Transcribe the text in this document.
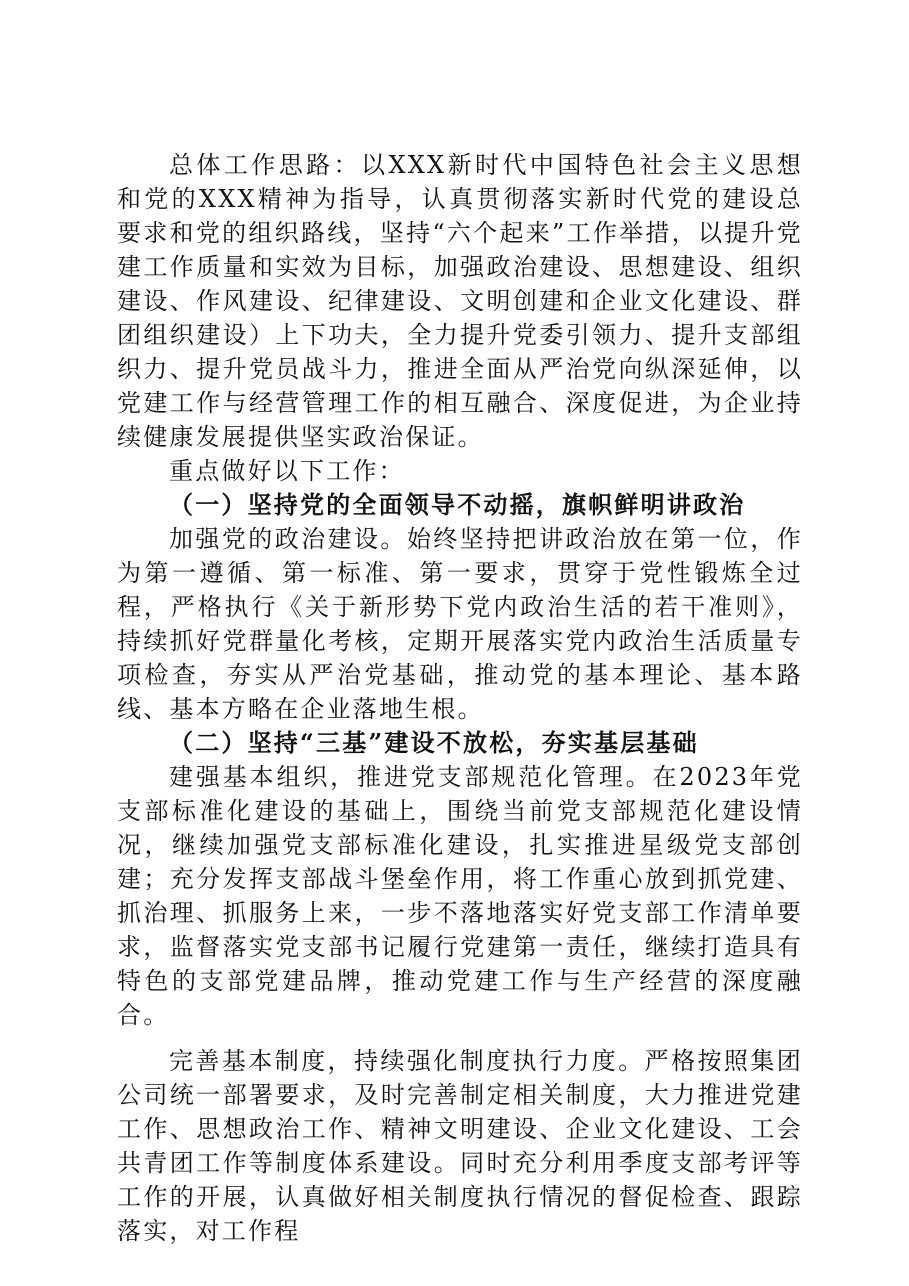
总体工作思路：以XXX新时代中国特色社会主义思想和党的XXX精神为指导，认真贯彻落实新时代党的建设总要求和党的组织路线，坚持“六个起来”工作举措，以提升党建工作质量和实效为目标，加强政治建设、思想建设、组织建设、作风建设、纪律建设、文明创建和企业文化建设、群团组织建设）上下功夫，全力提升党委引领力、提升支部组织力、提升党员战斗力，推进全面从严治党向纵深延伸，以党建工作与经营管理工作的相互融合、深度促进，为企业持续健康发展提供坚实政治保证。

重点做好以下工作：

（一）坚持党的全面领导不动摇，旗帜鲜明讲政治

加强党的政治建设。始终坚持把讲政治放在第一位，作为第一遵循、第一标准、第一要求，贯穿于党性锻炼全过程，严格执行《关于新形势下党内政治生活的若干准则》，持续抓好党群量化考核，定期开展落实党内政治生活质量专项检查，夯实从严治党基础，推动党的基本理论、基本路线、基本方略在企业落地生根。

（二）坚持“三基”建设不放松，夯实基层基础

建强基本组织，推进党支部规范化管理。在2023年党支部标准化建设的基础上，围绕当前党支部规范化建设情况，继续加强党支部标准化建设，扎实推进星级党支部创建；充分发挥支部战斗堡垒作用，将工作重心放到抓党建、抓治理、抓服务上来，一步不落地落实好党支部工作清单要求，监督落实党支部书记履行党建第一责任，继续打造具有特色的支部党建品牌，推动党建工作与生产经营的深度融合。

完善基本制度，持续强化制度执行力度。严格按照集团公司统一部署要求，及时完善制定相关制度，大力推进党建工作、思想政治工作、精神文明建设、企业文化建设、工会共青团工作等制度体系建设。同时充分利用季度支部考评等工作的开展，认真做好相关制度执行情况的督促检查、跟踪落实，对工作程
